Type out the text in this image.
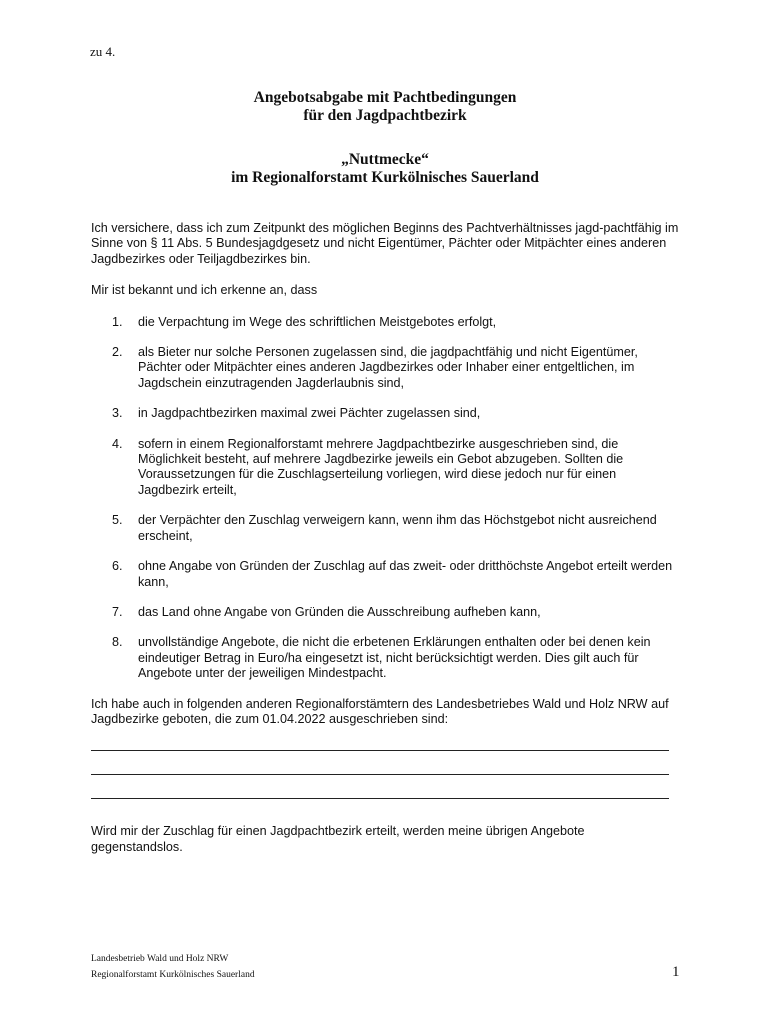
zu 4.
Angebotsabgabe mit Pachtbedingungen
für den Jagdpachtbezirk
„Nuttmecke“
im Regionalforstamt Kurkölnisches Sauerland

Ich versichere, dass ich zum Zeitpunkt des möglichen Beginns des Pachtverhältnisses jagd-pachtfähig im Sinne von § 11 Abs. 5 Bundesjagdgesetz und nicht Eigentümer, Pächter oder Mitpächter eines anderen Jagdbezirkes oder Teiljagdbezirkes bin.

Mir ist bekannt und ich erkenne an, dass

1.	die Verpachtung im Wege des schriftlichen Meistgebotes erfolgt,
2.	als Bieter nur solche Personen zugelassen sind, die jagdpachtfähig und nicht Eigentümer, Pächter oder Mitpächter eines anderen Jagdbezirkes oder Inhaber einer entgeltlichen, im Jagdschein einzutragenden Jagderlaubnis sind,
3.	in Jagdpachtbezirken maximal zwei Pächter zugelassen sind,
4.	sofern in einem Regionalforstamt mehrere Jagdpachtbezirke ausgeschrieben sind, die Möglichkeit besteht, auf mehrere Jagdbezirke jeweils ein Gebot abzugeben. Sollten die Voraussetzungen für die Zuschlagserteilung vorliegen, wird diese jedoch nur für einen Jagdbezirk erteilt,
5.	der Verpächter den Zuschlag verweigern kann, wenn ihm das Höchstgebot nicht ausreichend erscheint,
6.	ohne Angabe von Gründen der Zuschlag auf das zweit- oder dritthöchste Angebot erteilt werden kann,
7.	das Land ohne Angabe von Gründen die Ausschreibung aufheben kann,
8.	unvollständige Angebote, die nicht die erbetenen Erklärungen enthalten oder bei denen kein eindeutiger Betrag in Euro/ha eingesetzt ist, nicht berücksichtigt werden. Dies gilt auch für Angebote unter der jeweiligen Mindestpacht.

Ich habe auch in folgenden anderen Regionalforstämtern des Landesbetriebes Wald und Holz NRW auf Jagdbezirke geboten, die zum 01.04.2022 ausgeschrieben sind:

Wird mir der Zuschlag für einen Jagdpachtbezirk erteilt, werden meine übrigen Angebote gegenstandslos.

Landesbetrieb Wald und Holz NRW
Regionalforstamt Kurkölnisches Sauerland	1
